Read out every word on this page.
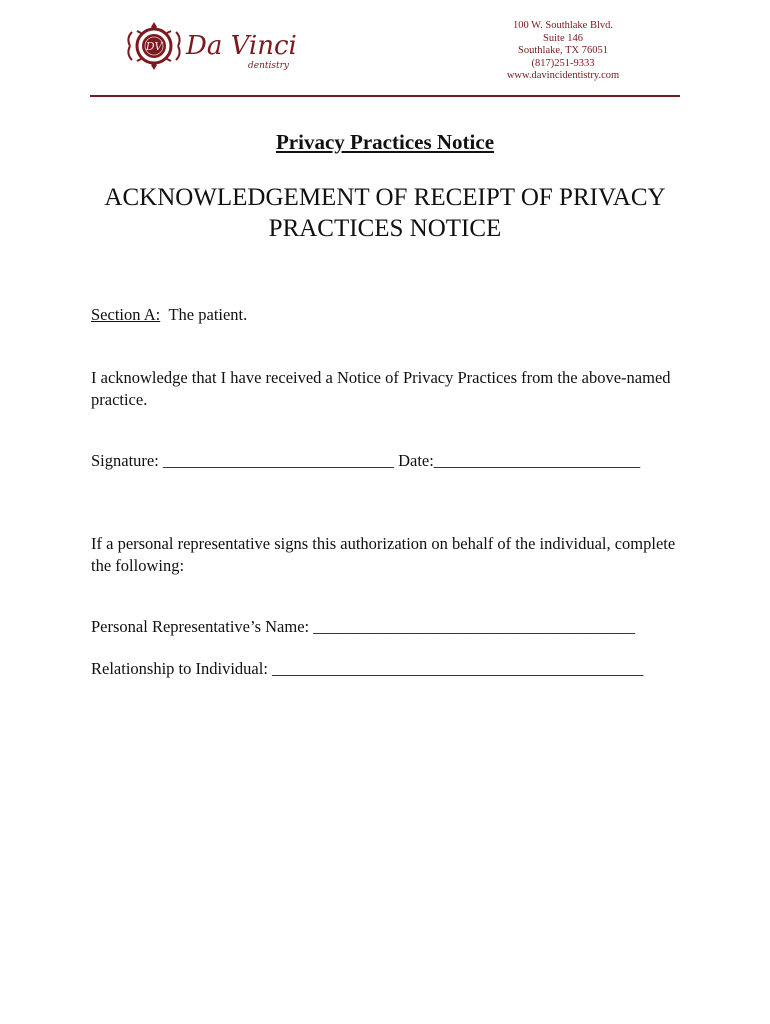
DV Da Vinci
dentistry
100 W. Southlake Blvd.
Suite 146
Southlake, TX 76051
(817)251-9333
www.davincidentistry.com
Privacy Practices Notice
ACKNOWLEDGEMENT OF RECEIPT OF PRIVACY PRACTICES NOTICE
Section A: The patient.
I acknowledge that I have received a Notice of Privacy Practices from the above-named practice.
Signature: ____________________________ Date:_________________________
If a personal representative signs this authorization on behalf of the individual, complete the following:
Personal Representative’s Name: _______________________________________
Relationship to Individual: _____________________________________________
